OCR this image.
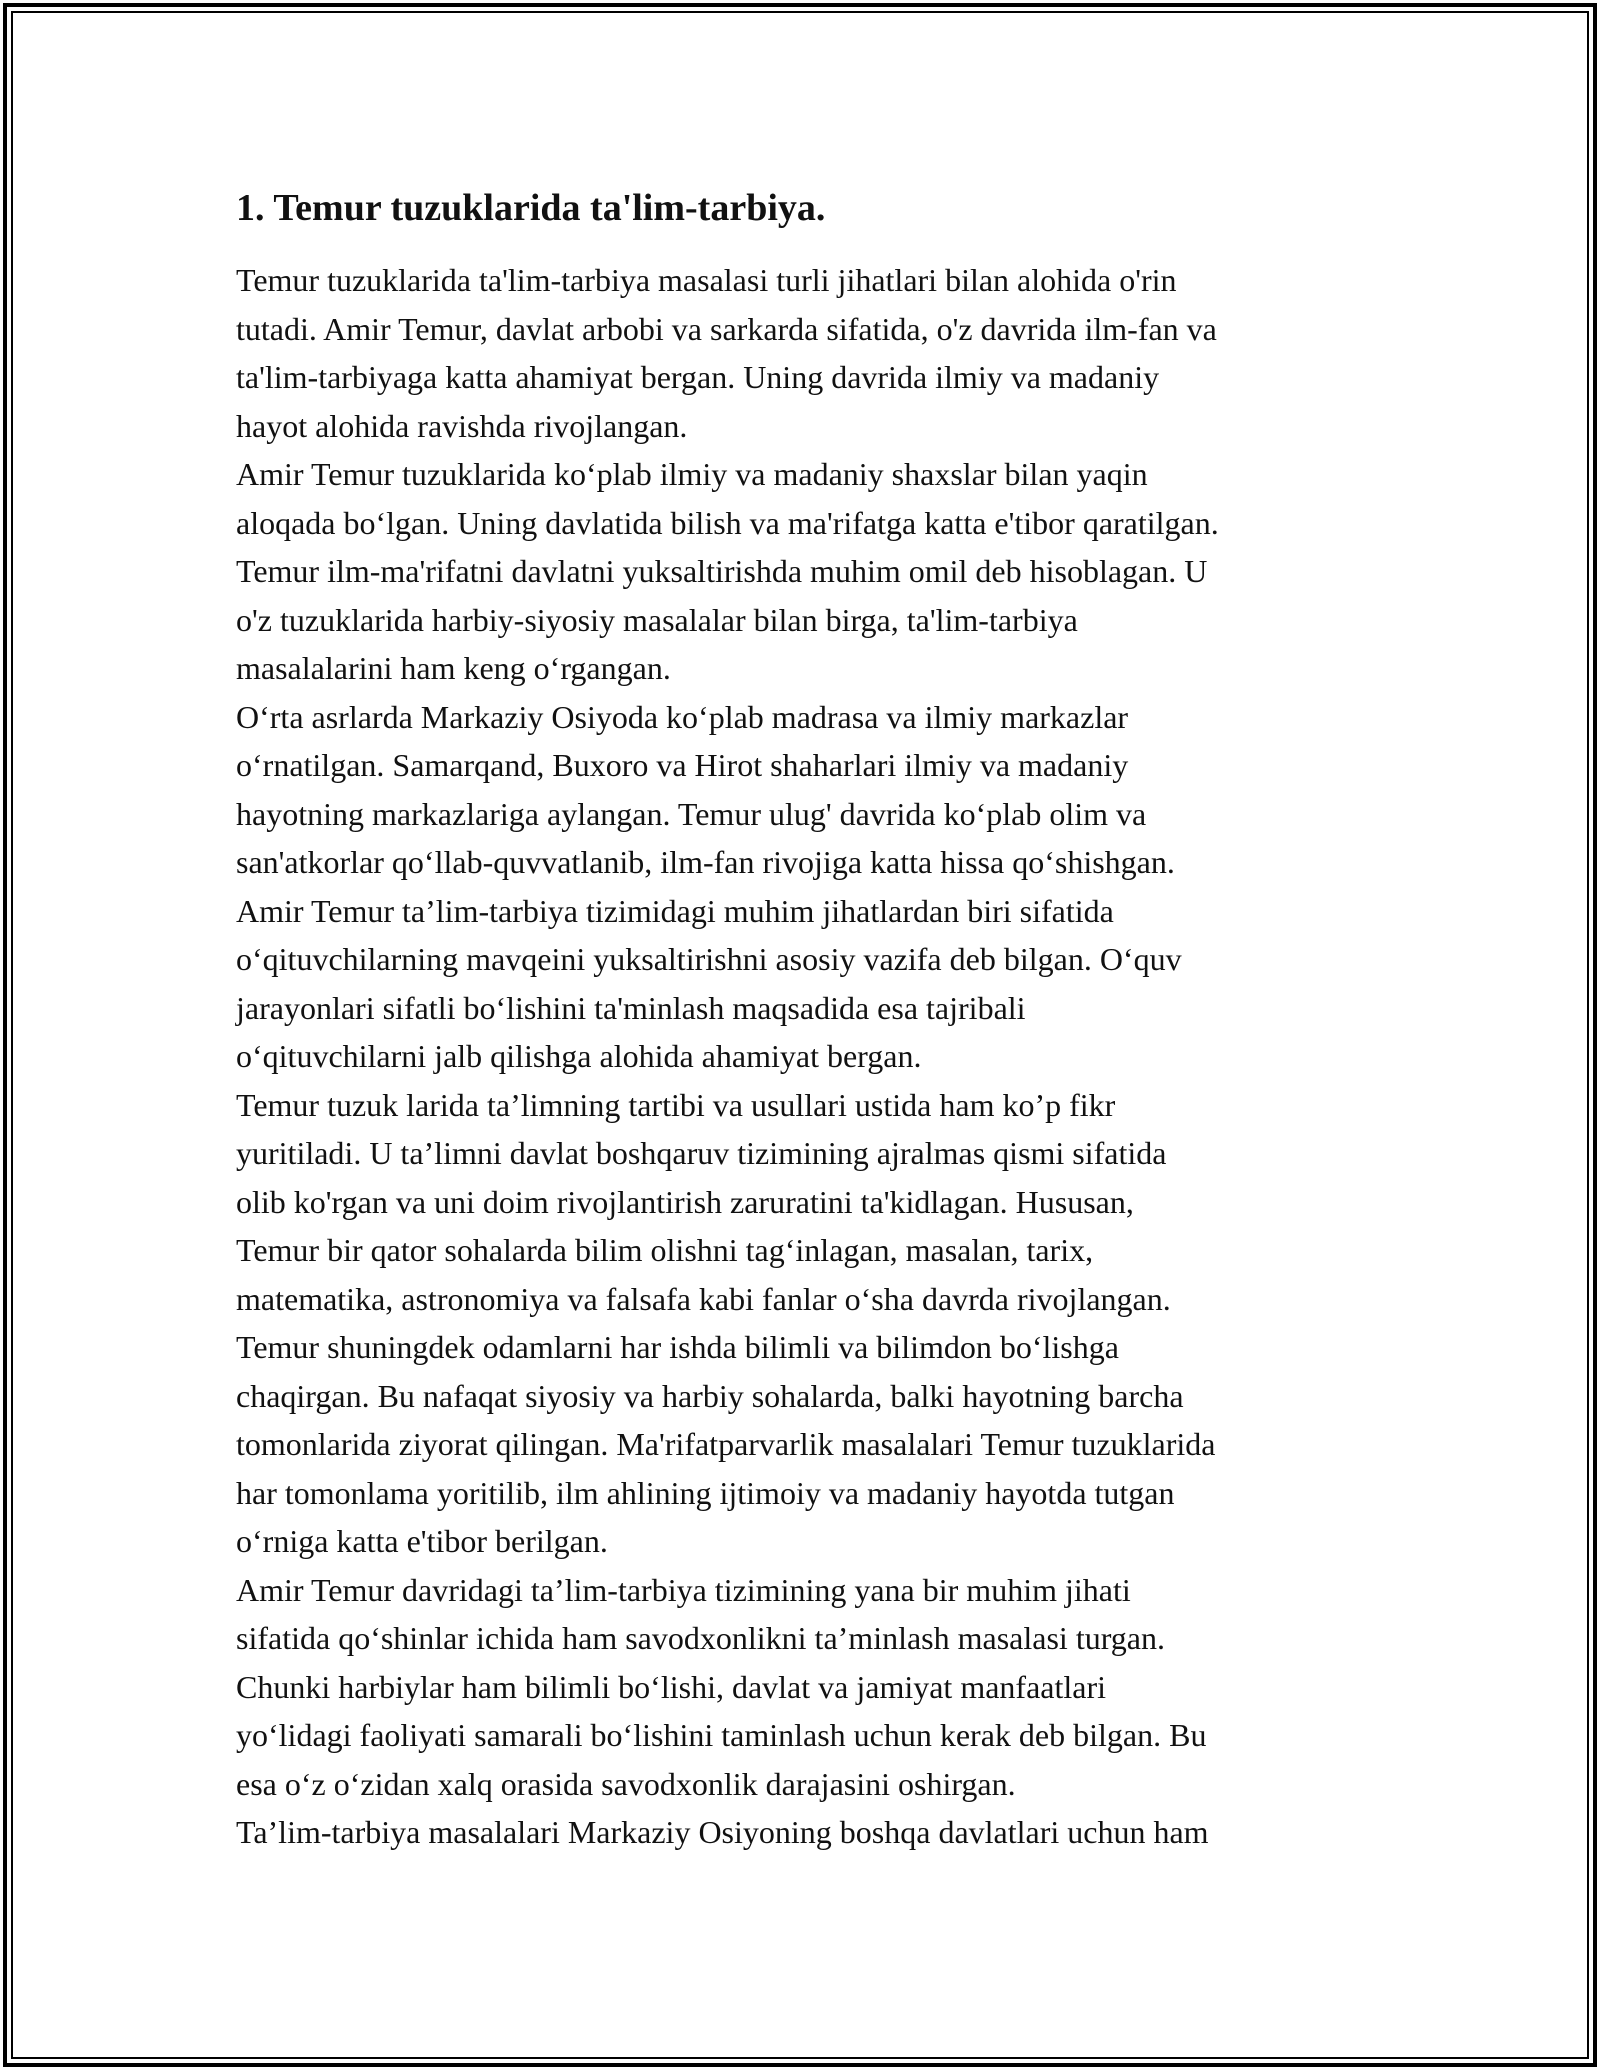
1. Temur tuzuklarida ta'lim-tarbiya.
Temur tuzuklarida ta'lim-tarbiya masalasi turli jihatlari bilan alohida o'rin
tutadi. Amir Temur, davlat arbobi va sarkarda sifatida, o'z davrida ilm-fan va
ta'lim-tarbiyaga katta ahamiyat bergan. Uning davrida ilmiy va madaniy
hayot alohida ravishda rivojlangan.
Amir Temur tuzuklarida ko‘plab ilmiy va madaniy shaxslar bilan yaqin
aloqada bo‘lgan. Uning davlatida bilish va ma'rifatga katta e'tibor qaratilgan.
Temur ilm-ma'rifatni davlatni yuksaltirishda muhim omil deb hisoblagan. U
o'z tuzuklarida harbiy-siyosiy masalalar bilan birga, ta'lim-tarbiya
masalalarini ham keng o‘rgangan.
O‘rta asrlarda Markaziy Osiyoda ko‘plab madrasa va ilmiy markazlar
o‘rnatilgan. Samarqand, Buxoro va Hirot shaharlari ilmiy va madaniy
hayotning markazlariga aylangan. Temur ulug' davrida ko‘plab olim va
san'atkorlar qo‘llab-quvvatlanib, ilm-fan rivojiga katta hissa qo‘shishgan.
Amir Temur ta’lim-tarbiya tizimidagi muhim jihatlardan biri sifatida
o‘qituvchilarning mavqeini yuksaltirishni asosiy vazifa deb bilgan. O‘quv
jarayonlari sifatli bo‘lishini ta'minlash maqsadida esa tajribali
o‘qituvchilarni jalb qilishga alohida ahamiyat bergan.
Temur tuzuk larida ta’limning tartibi va usullari ustida ham ko’p fikr
yuritiladi. U ta’limni davlat boshqaruv tizimining ajralmas qismi sifatida
olib ko'rgan va uni doim rivojlantirish zaruratini ta'kidlagan. Hususan,
Temur bir qator sohalarda bilim olishni tag‘inlagan, masalan, tarix,
matematika, astronomiya va falsafa kabi fanlar o‘sha davrda rivojlangan.
Temur shuningdek odamlarni har ishda bilimli va bilimdon bo‘lishga
chaqirgan. Bu nafaqat siyosiy va harbiy sohalarda, balki hayotning barcha
tomonlarida ziyorat qilingan. Ma'rifatparvarlik masalalari Temur tuzuklarida
har tomonlama yoritilib, ilm ahlining ijtimoiy va madaniy hayotda tutgan
o‘rniga katta e'tibor berilgan.
Amir Temur davridagi ta’lim-tarbiya tizimining yana bir muhim jihati
sifatida qo‘shinlar ichida ham savodxonlikni ta’minlash masalasi turgan.
Chunki harbiylar ham bilimli bo‘lishi, davlat va jamiyat manfaatlari
yo‘lidagi faoliyati samarali bo‘lishini taminlash uchun kerak deb bilgan. Bu
esa o‘z o‘zidan xalq orasida savodxonlik darajasini oshirgan.
Ta’lim-tarbiya masalalari Markaziy Osiyoning boshqa davlatlari uchun ham
